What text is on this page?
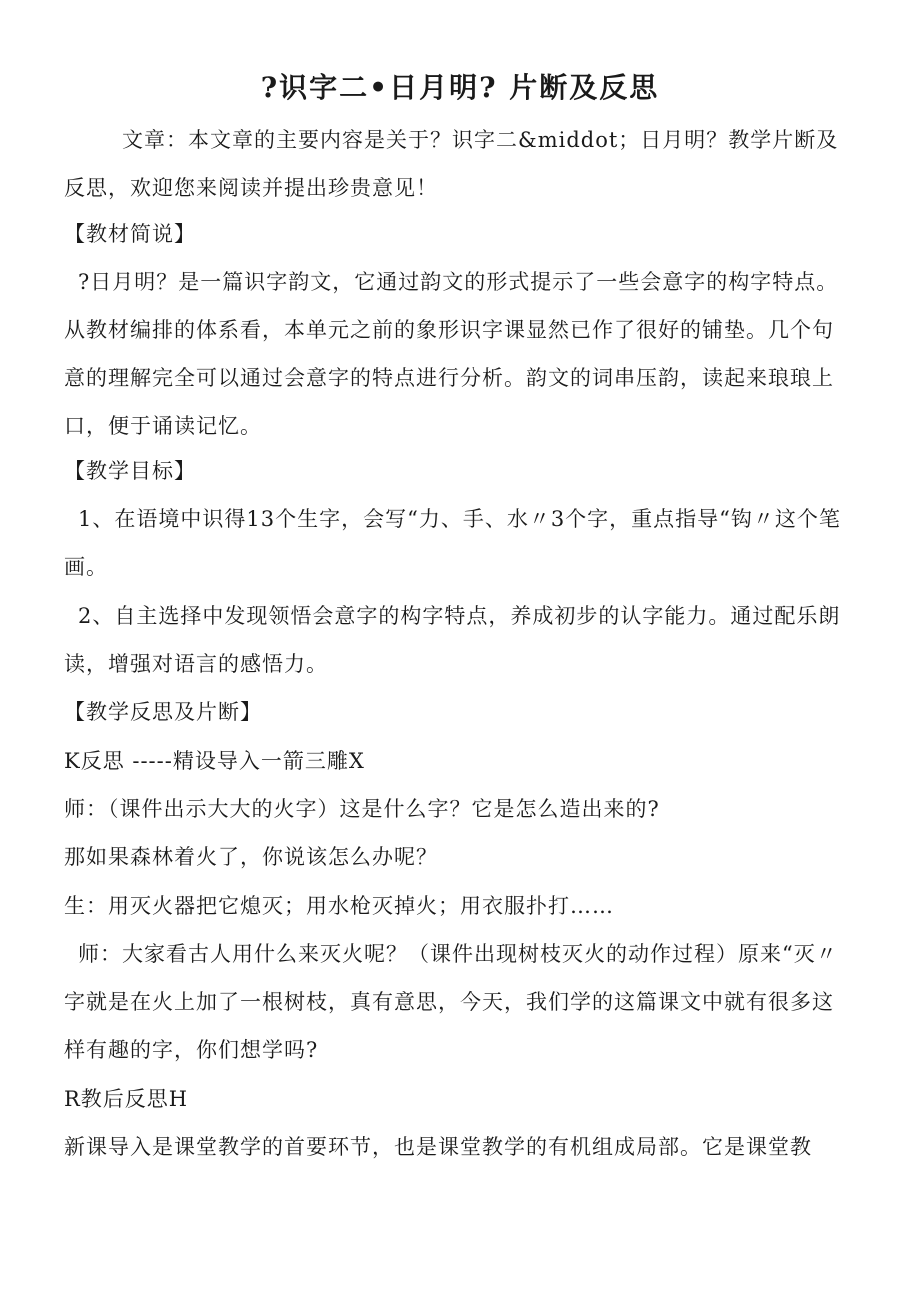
?识字二•日月明? 片断及反思

文章：本文章的主要内容是关于？识字二&middot；日月明？教学片断及反思，欢迎您来阅读并提出珍贵意见！

【教材简说】

?日月明？是一篇识字韵文，它通过韵文的形式提示了一些会意字的构字特点。从教材编排的体系看，本单元之前的象形识字课显然已作了很好的铺垫。几个句意的理解完全可以通过会意字的特点进行分析。韵文的词串压韵，读起来琅琅上口，便于诵读记忆。

【教学目标】

1、在语境中识得13个生字，会写“力、手、水〃3个字，重点指导“钩〃这个笔画。

2、自主选择中发现领悟会意字的构字特点，养成初步的认字能力。通过配乐朗读，增强对语言的感悟力。

【教学反思及片断】

K反思 -----精设导入一箭三雕X

师：（课件出示大大的火字）这是什么字？它是怎么造出来的?

那如果森林着火了，你说该怎么办呢？

生：用灭火器把它熄灭；用水枪灭掉火；用衣服扑打……

师：大家看古人用什么来灭火呢？（课件出现树枝灭火的动作过程）原来“灭〃字就是在火上加了一根树枝，真有意思，今天，我们学的这篇课文中就有很多这样有趣的字，你们想学吗?

R教后反思H

新课导入是课堂教学的首要环节，也是课堂教学的有机组成局部。它是课堂教
